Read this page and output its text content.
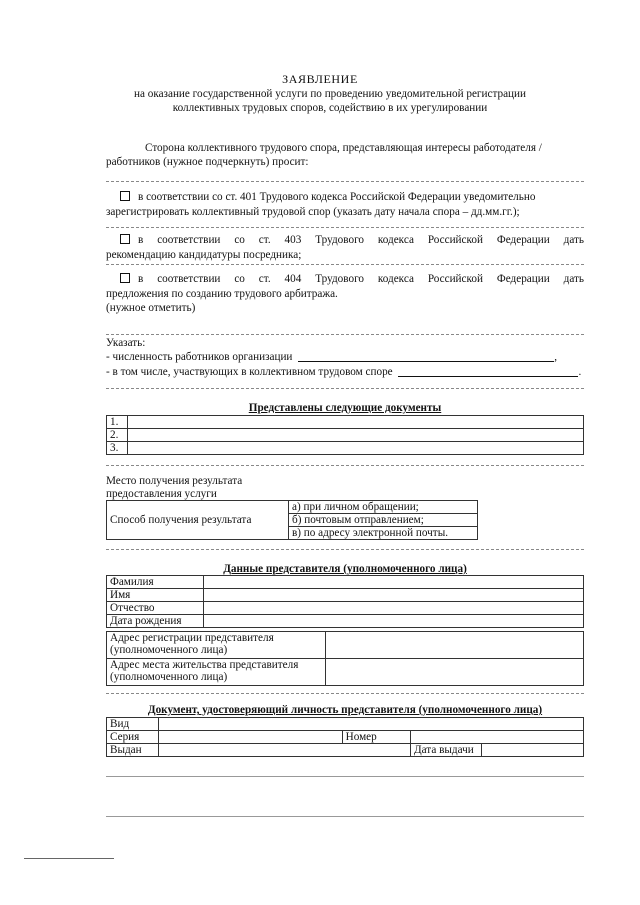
ЗАЯВЛЕНИЕ
на оказание государственной услуги по проведению уведомительной регистрации
коллективных трудовых споров, содействию в их урегулировании
Сторона коллективного трудового спора, представляющая интересы работодателя /
работников (нужное подчеркнуть) просит:
в соответствии со ст. 401 Трудового кодекса Российской Федерации уведомительно
зарегистрировать коллективный трудовой спор (указать дату начала спора – дд.мм.гг.);
в соответствии со ст. 403 Трудового кодекса Российской Федерации дать
рекомендацию кандидатуры посредника;
в соответствии со ст. 404 Трудового кодекса Российской Федерации дать
предложения по созданию трудового арбитража.
(нужное отметить)
Указать:
- численность работников организации	,
- в том числе, участвующих в коллективном трудовом споре	.
Представлены следующие документы
1.	
2.	
3.	
Место получения результата
предоставления услуги
Способ получения результата	а) при личном обращении;
б) почтовым отправлением;
в) по адресу электронной почты.
Данные представителя (уполномоченного лица)
Фамилия	
Имя	
Отчество	
Дата рождения	
Адрес регистрации представителя
(уполномоченного лица)	

Адрес места жительства представителя
(уполномоченного лица)	

Документ, удостоверяющий личность представителя (уполномоченного лица)
Вид				
Серия		Номер		
Выдан			Дата выдачи	
